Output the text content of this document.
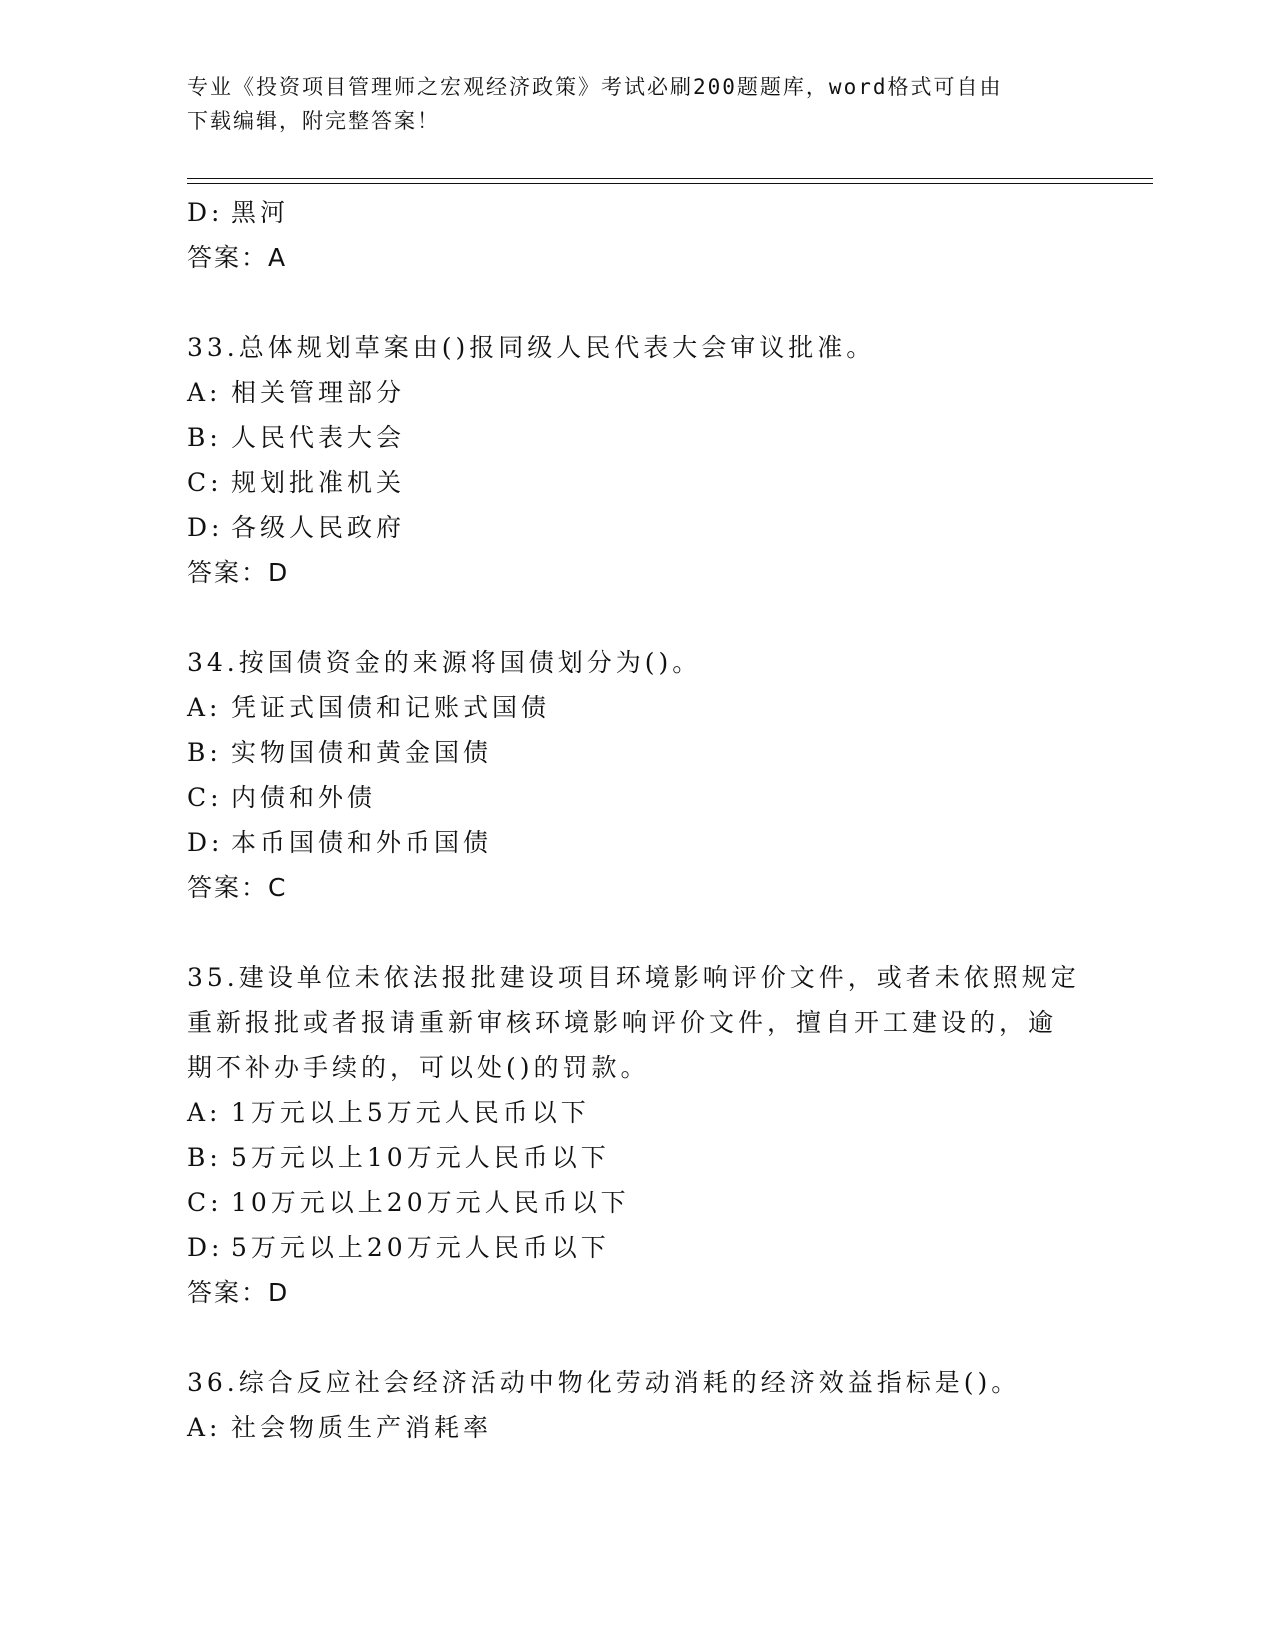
专业《投资项目管理师之宏观经济政策》考试必刷200题题库，word格式可自由
下载编辑，附完整答案！
D: 黑河
答案：A
33.总体规划草案由()报同级人民代表大会审议批准。
A: 相关管理部分
B: 人民代表大会
C: 规划批准机关
D: 各级人民政府
答案：D
34.按国债资金的来源将国债划分为()。
A: 凭证式国债和记账式国债
B: 实物国债和黄金国债
C: 内债和外债
D: 本币国债和外币国债
答案：C
35.建设单位未依法报批建设项目环境影响评价文件，或者未依照规定
重新报批或者报请重新审核环境影响评价文件，擅自开工建设的，逾
期不补办手续的，可以处()的罚款。
A: 1万元以上5万元人民币以下
B: 5万元以上10万元人民币以下
C: 10万元以上20万元人民币以下
D: 5万元以上20万元人民币以下
答案：D
36.综合反应社会经济活动中物化劳动消耗的经济效益指标是()。
A: 社会物质生产消耗率
